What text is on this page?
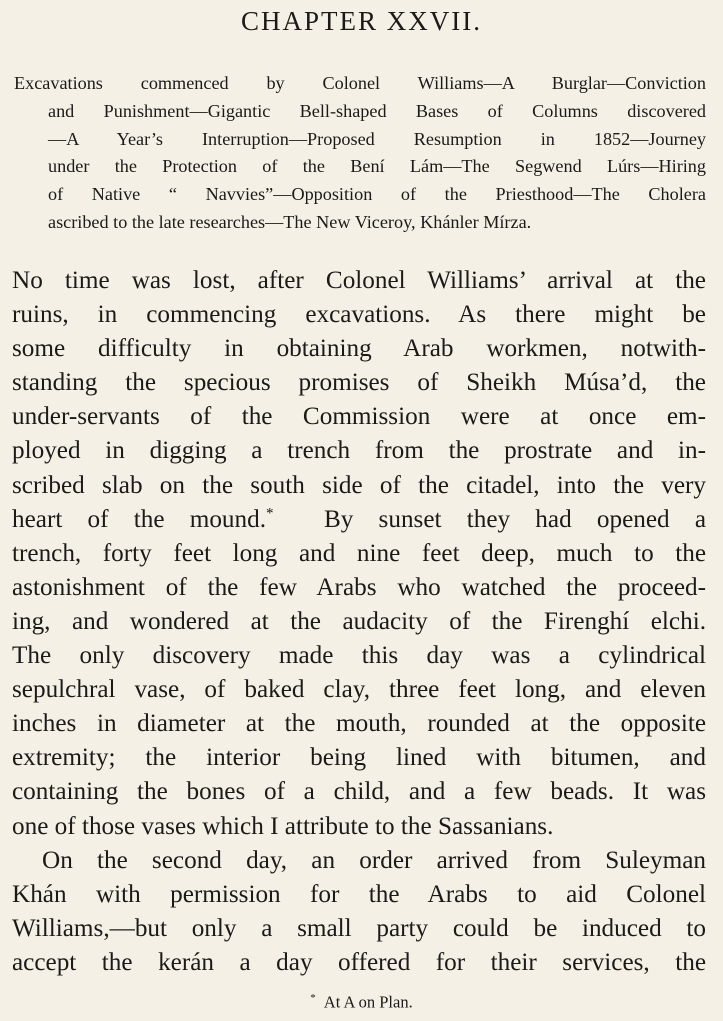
CHAPTER XXVII.
Excavations commenced by Colonel Williams—A Burglar—Conviction
and Punishment—Gigantic Bell-shaped Bases of Columns discovered
—A Year’s Interruption—Proposed Resumption in 1852—Journey
under the Protection of the Bení Lám—The Segwend Lúrs—Hiring
of Native “ Navvies”—Opposition of the Priesthood—The Cholera
ascribed to the late researches—The New Viceroy, Khánler Mírza.
No time was lost, after Colonel Williams’ arrival at the
ruins, in commencing excavations. As there might be
some difficulty in obtaining Arab workmen, notwith-
standing the specious promises of Sheikh Músa’d, the
under-servants of the Commission were at once em-
ployed in digging a trench from the prostrate and in-
scribed slab on the south side of the citadel, into the very
heart of the mound.* By sunset they had opened a
trench, forty feet long and nine feet deep, much to the
astonishment of the few Arabs who watched the proceed-
ing, and wondered at the audacity of the Firenghí elchi.
The only discovery made this day was a cylindrical
sepulchral vase, of baked clay, three feet long, and eleven
inches in diameter at the mouth, rounded at the opposite
extremity; the interior being lined with bitumen, and
containing the bones of a child, and a few beads. It was
one of those vases which I attribute to the Sassanians.
On the second day, an order arrived from Suleyman
Khán with permission for the Arabs to aid Colonel
Williams,—but only a small party could be induced to
accept the kerán a day offered for their services, the
* At A on Plan.
